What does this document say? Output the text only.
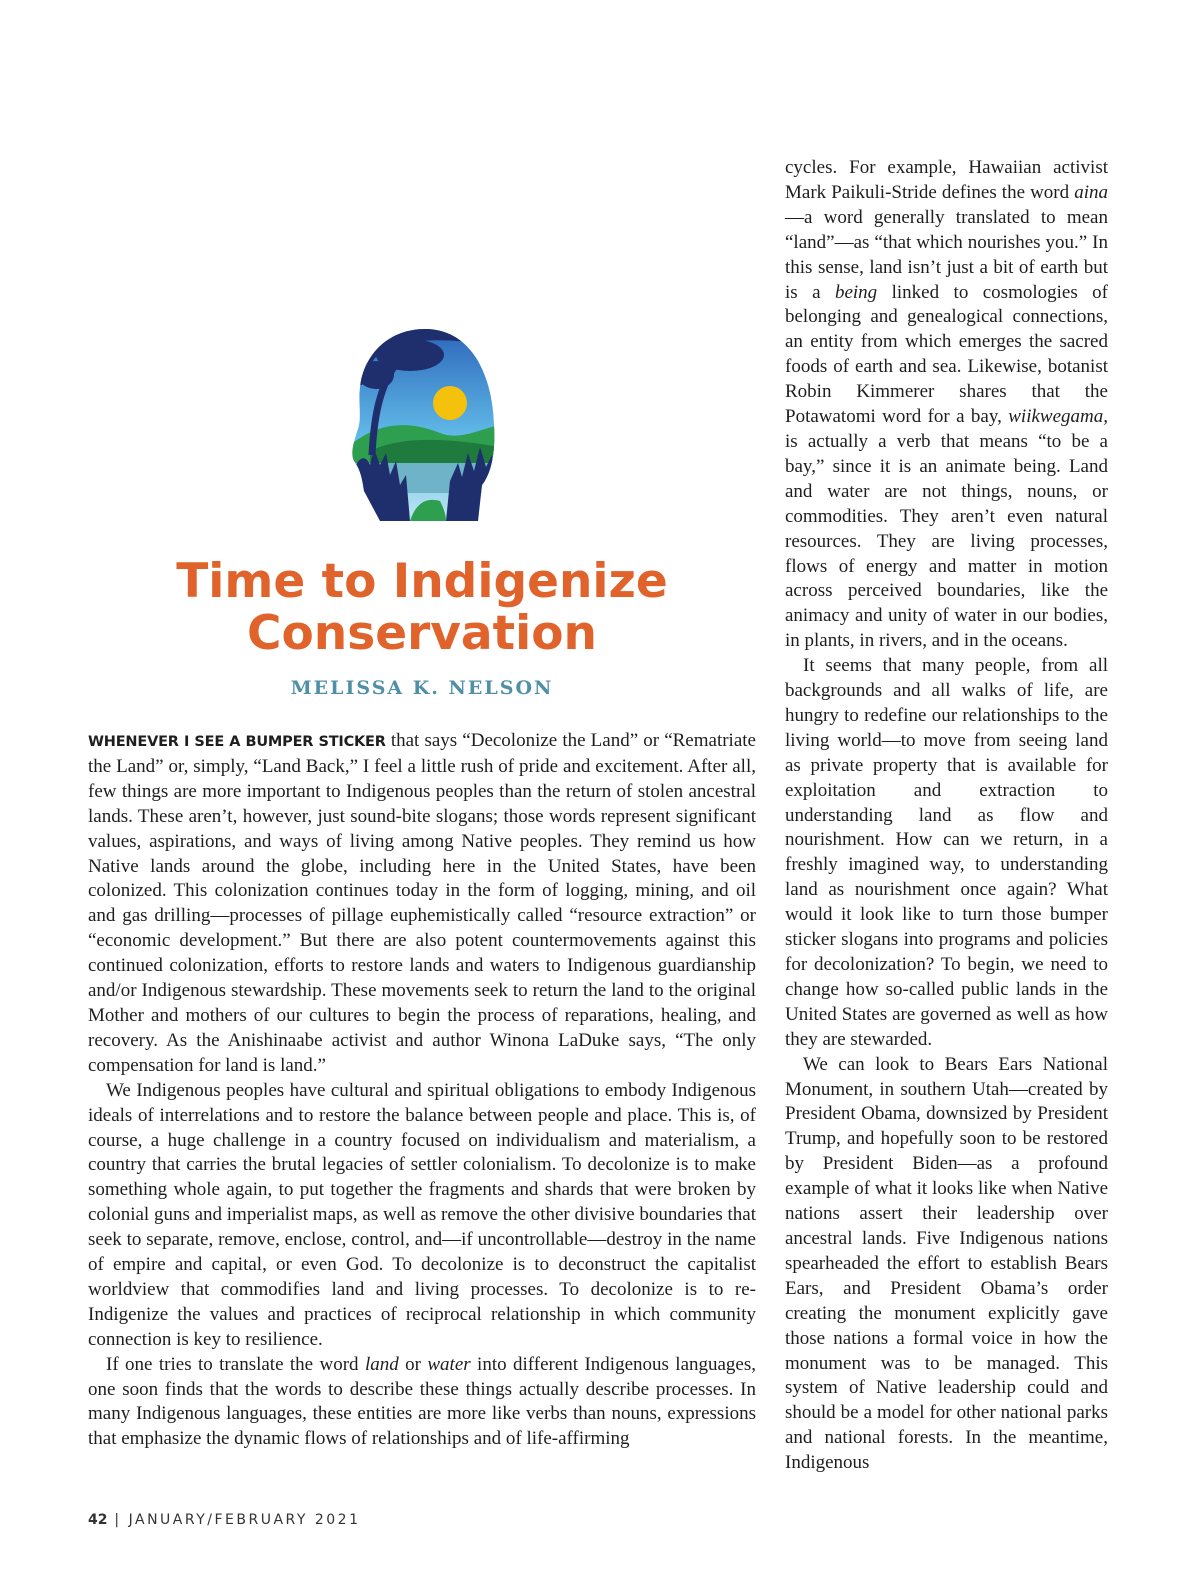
Time to Indigenize Conservation
MELISSA K. NELSON

WHENEVER I SEE A BUMPER STICKER that says “Decolonize the Land” or “Rematriate the Land” or, simply, “Land Back,” I feel a little rush of pride and excitement. After all, few things are more important to Indigenous peoples than the return of stolen ancestral lands. These aren’t, however, just sound-bite slogans; those words represent significant values, aspirations, and ways of living among Native peoples. They remind us how Native lands around the globe, including here in the United States, have been colonized. This colonization continues today in the form of logging, mining, and oil and gas drilling—processes of pillage euphemistically called “resource extraction” or “economic development.” But there are also potent countermovements against this continued colonization, efforts to restore lands and waters to Indigenous guardianship and/or Indigenous stewardship. These movements seek to return the land to the original Mother and mothers of our cultures to begin the process of reparations, healing, and recovery. As the Anishinaabe activist and author Winona LaDuke says, “The only compensation for land is land.”

We Indigenous peoples have cultural and spiritual obligations to embody Indigenous ideals of interrelations and to restore the balance between people and place. This is, of course, a huge challenge in a country focused on individualism and materialism, a country that carries the brutal legacies of settler colonialism. To decolonize is to make something whole again, to put together the fragments and shards that were broken by colonial guns and imperialist maps, as well as remove the other divisive boundaries that seek to separate, remove, enclose, control, and—if uncontrollable—destroy in the name of empire and capital, or even God. To decolonize is to deconstruct the capitalist worldview that commodifies land and living processes. To decolonize is to re-Indigenize the values and practices of reciprocal relationship in which community connection is key to resilience.

If one tries to translate the word land or water into different Indigenous languages, one soon finds that the words to describe these things actually describe processes. In many Indigenous languages, these entities are more like verbs than nouns, expressions that emphasize the dynamic flows of relationships and of life-affirming

cycles. For example, Hawaiian activist Mark Paikuli-Stride defines the word aina—a word generally translated to mean “land”—as “that which nourishes you.” In this sense, land isn’t just a bit of earth but is a being linked to cosmologies of belonging and genealogical connections, an entity from which emerges the sacred foods of earth and sea. Likewise, botanist Robin Kimmerer shares that the Potawatomi word for a bay, wiikwegama, is actually a verb that means “to be a bay,” since it is an animate being. Land and water are not things, nouns, or commodities. They aren’t even natural resources. They are living processes, flows of energy and matter in motion across perceived boundaries, like the animacy and unity of water in our bodies, in plants, in rivers, and in the oceans.

It seems that many people, from all backgrounds and all walks of life, are hungry to redefine our relationships to the living world—to move from seeing land as private property that is available for exploitation and extraction to understanding land as flow and nourishment. How can we return, in a freshly imagined way, to understanding land as nourishment once again? What would it look like to turn those bumper sticker slogans into programs and policies for decolonization? To begin, we need to change how so-called public lands in the United States are governed as well as how they are stewarded.

We can look to Bears Ears National Monument, in southern Utah—created by President Obama, downsized by President Trump, and hopefully soon to be restored by President Biden—as a profound example of what it looks like when Native nations assert their leadership over ancestral lands. Five Indigenous nations spearheaded the effort to establish Bears Ears, and President Obama’s order creating the monument explicitly gave those nations a formal voice in how the monument was to be managed. This system of Native leadership could and should be a model for other national parks and national forests. In the meantime, Indigenous

42 | JANUARY/FEBRUARY 2021
